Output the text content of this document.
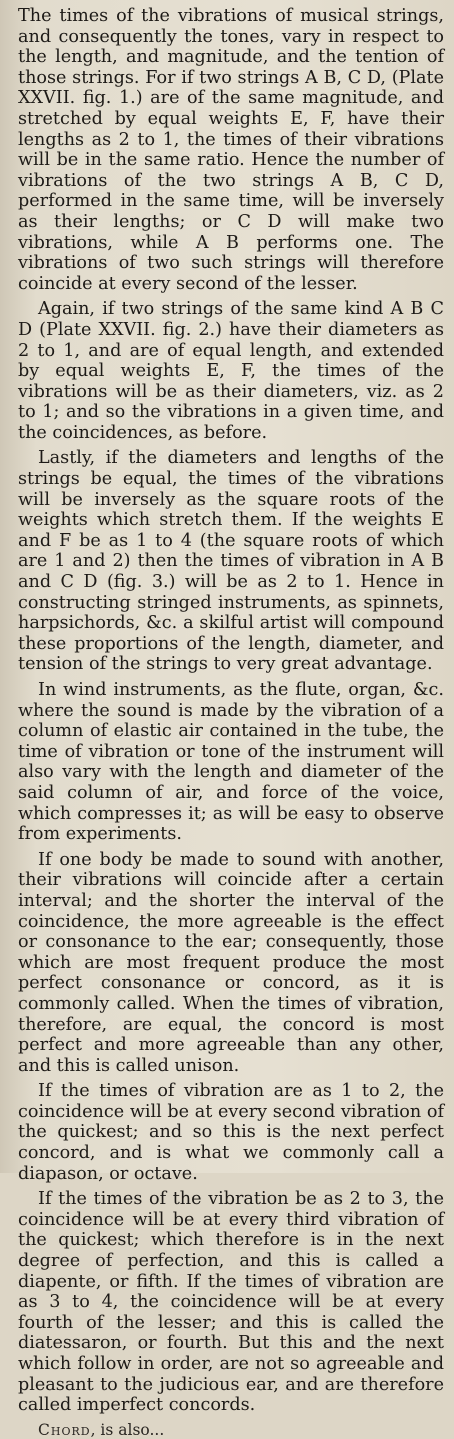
The times of the vibrations of musical strings, and consequently the tones, vary in respect to the length, and magnitude, and the tention of those strings. For if two strings A B, C D, (Plate XXVII. fig. 1.) are of the same magnitude, and stretched by equal weights E, F, have their lengths as 2 to 1, the times of their vibrations will be in the same ratio. Hence the number of vibrations of the two strings A B, C D, performed in the same time, will be inversely as their lengths; or C D will make two vibrations, while A B performs one. The vibrations of two such strings will therefore coincide at every second of the lesser.

Again, if two strings of the same kind A B C D (Plate XXVII. fig. 2.) have their diameters as 2 to 1, and are of equal length, and extended by equal weights E, F, the times of the vibrations will be as their diameters, viz. as 2 to 1; and so the vibrations in a given time, and the coincidences, as before.

Lastly, if the diameters and lengths of the strings be equal, the times of the vibrations will be inversely as the square roots of the weights which stretch them. If the weights E and F be as 1 to 4 (the square roots of which are 1 and 2) then the times of vibration in A B and C D (fig. 3.) will be as 2 to 1. Hence in constructing stringed instruments, as spinnets, harpsichords, &c. a skilful artist will compound these proportions of the length, diameter, and tension of the strings to very great advantage.

In wind instruments, as the flute, organ, &c. where the sound is made by the vibration of a column of elastic air contained in the tube, the time of vibration or tone of the instrument will also vary with the length and diameter of the said column of air, and force of the voice, which compresses it; as will be easy to observe from experiments.

If one body be made to sound with another, their vibrations will coincide after a certain interval; and the shorter the interval of the coincidence, the more agreeable is the effect or consonance to the ear; consequently, those which are most frequent produce the most perfect consonance or concord, as it is commonly called. When the times of vibration, therefore, are equal, the concord is most perfect and more agreeable than any other, and this is called unison.

If the times of vibration are as 1 to 2, the coincidence will be at every second vibration of the quickest; and so this is the next perfect concord, and is what we commonly call a diapason, or octave.

If the times of the vibration be as 2 to 3, the coincidence will be at every third vibration of the quickest; which therefore is in the next degree of perfection, and this is called a diapente, or fifth. If the times of vibration are as 3 to 4, the coincidence will be at every fourth of the lesser; and this is called the diatessaron, or fourth. But this and the next which follow in order, are not so agreeable and pleasant to the judicious ear, and are therefore called imperfect concords.

Chord, is also...
